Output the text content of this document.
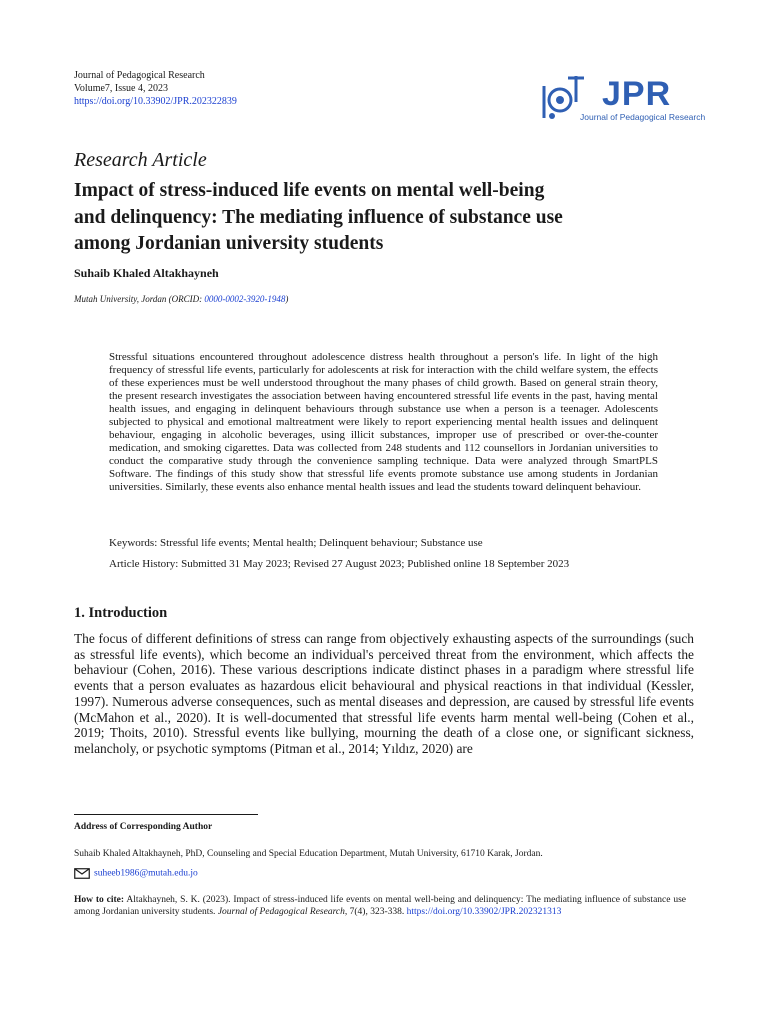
Journal of Pedagogical Research
Volume7, Issue 4, 2023
https://doi.org/10.33902/JPR.202322839	JPR
Journal of Pedagogical Research
Research Article
Impact of stress-induced life events on mental well-being and delinquency: The mediating influence of substance use among Jordanian university students
Suhaib Khaled Altakhayneh
Mutah University, Jordan (ORCID: 0000-0002-3920-1948)
Stressful situations encountered throughout adolescence distress health throughout a person's life. In light of the high frequency of stressful life events, particularly for adolescents at risk for interaction with the child welfare system, the effects of these experiences must be well understood throughout the many phases of child growth. Based on general strain theory, the present research investigates the association between having encountered stressful life events in the past, having mental health issues, and engaging in delinquent behaviours through substance use when a person is a teenager. Adolescents subjected to physical and emotional maltreatment were likely to report experiencing mental health issues and delinquent behaviour, engaging in alcoholic beverages, using illicit substances, improper use of prescribed or over-the-counter medication, and smoking cigarettes. Data was collected from 248 students and 112 counsellors in Jordanian universities to conduct the comparative study through the convenience sampling technique. Data were analyzed through SmartPLS Software. The findings of this study show that stressful life events promote substance use among students in Jordanian universities. Similarly, these events also enhance mental health issues and lead the students toward delinquent behaviour.
Keywords: Stressful life events; Mental health; Delinquent behaviour; Substance use
Article History: Submitted 31 May 2023; Revised 27 August 2023; Published online 18 September 2023
1. Introduction
The focus of different definitions of stress can range from objectively exhausting aspects of the surroundings (such as stressful life events), which become an individual's perceived threat from the environment, which affects the behaviour (Cohen, 2016). These various descriptions indicate distinct phases in a paradigm where stressful life events that a person evaluates as hazardous elicit behavioural and physical reactions in that individual (Kessler, 1997). Numerous adverse consequences, such as mental diseases and depression, are caused by stressful life events (McMahon et al., 2020). It is well-documented that stressful life events harm mental well-being (Cohen et al., 2019; Thoits, 2010). Stressful events like bullying, mourning the death of a close one, or significant sickness, melancholy, or psychotic symptoms (Pitman et al., 2014; Yıldız, 2020) are
Address of Corresponding Author
Suhaib Khaled Altakhayneh, PhD, Counseling and Special Education Department, Mutah University, 61710 Karak, Jordan.
suheeb1986@mutah.edu.jo
How to cite: Altakhayneh, S. K. (2023). Impact of stress-induced life events on mental well-being and delinquency: The mediating influence of substance use among Jordanian university students. Journal of Pedagogical Research, 7(4), 323-338. https://doi.org/10.33902/JPR.202321313
